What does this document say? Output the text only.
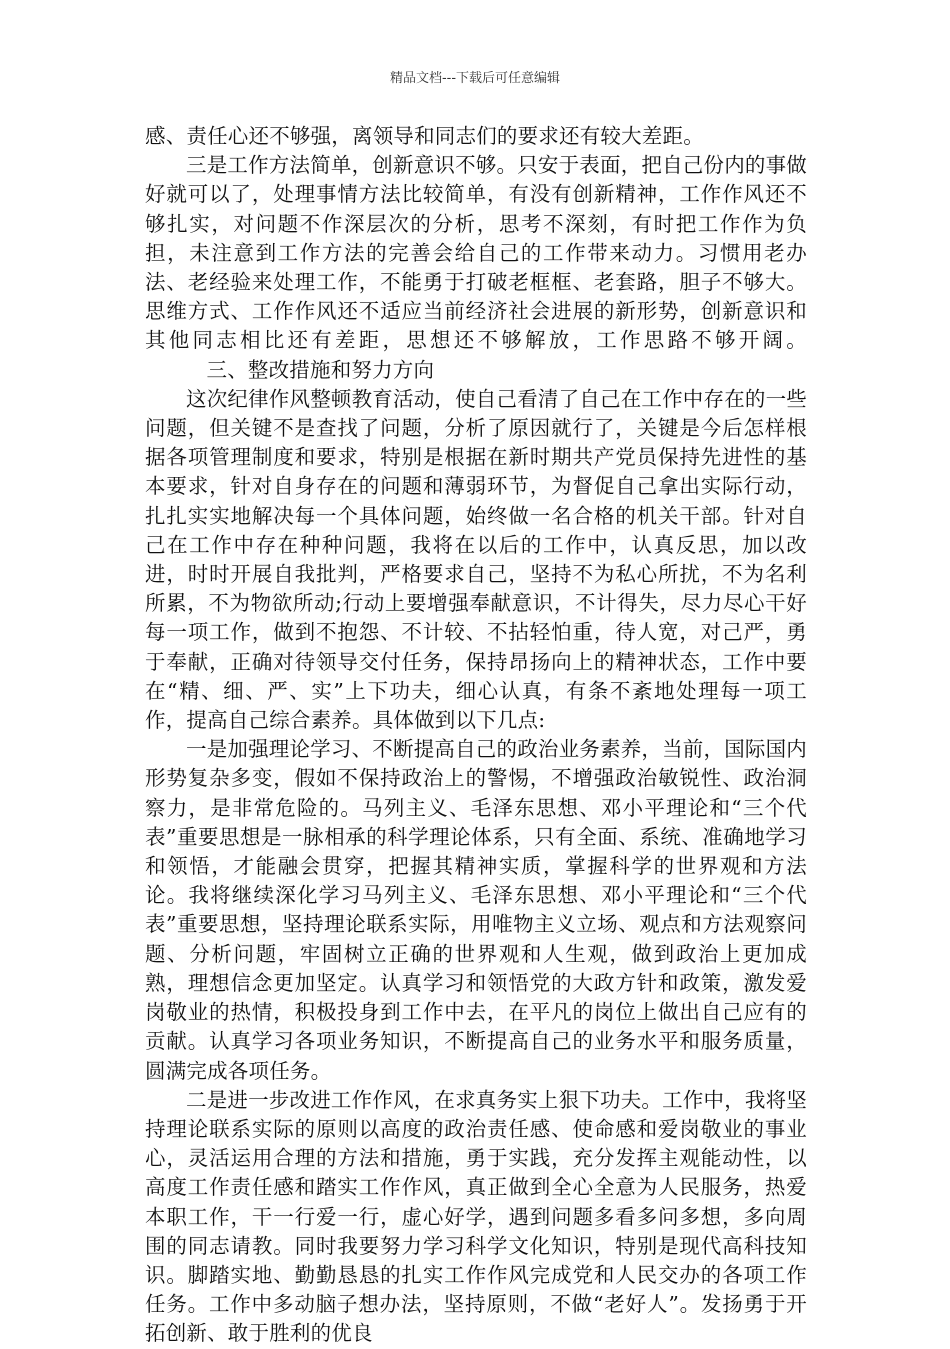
精品文档---下载后可任意编辑

感、责任心还不够强，离领导和同志们的要求还有较大差距。

三是工作方法简单，创新意识不够。只安于表面，把自己份内的事做好就可以了，处理事情方法比较简单，有没有创新精神，工作作风还不够扎实，对问题不作深层次的分析，思考不深刻，有时把工作作为负担，未注意到工作方法的完善会给自己的工作带来动力。习惯用老办法、老经验来处理工作，不能勇于打破老框框、老套路，胆子不够大。思维方式、工作作风还不适应当前经济社会进展的新形势，创新意识和其他同志相比还有差距，思想还不够解放，工作思路不够开阔。三、整改措施和努力方向

这次纪律作风整顿教育活动，使自己看清了自己在工作中存在的一些问题，但关键不是查找了问题，分析了原因就行了，关键是今后怎样根据各项管理制度和要求，特别是根据在新时期共产党员保持先进性的基本要求，针对自身存在的问题和薄弱环节，为督促自己拿出实际行动，扎扎实实地解决每一个具体问题，始终做一名合格的机关干部。针对自己在工作中存在种种问题，我将在以后的工作中，认真反思，加以改进，时时开展自我批判，严格要求自己，坚持不为私心所扰，不为名利所累，不为物欲所动;行动上要增强奉献意识，不计得失，尽力尽心干好每一项工作，做到不抱怨、不计较、不拈轻怕重，待人宽，对己严，勇于奉献，正确对待领导交付任务，保持昂扬向上的精神状态，工作中要在“精、细、严、实”上下功夫，细心认真，有条不紊地处理每一项工作，提高自己综合素养。具体做到以下几点:

一是加强理论学习、不断提高自己的政治业务素养，当前，国际国内形势复杂多变，假如不保持政治上的警惕，不增强政治敏锐性、政治洞察力，是非常危险的。马列主义、毛泽东思想、邓小平理论和“三个代表”重要思想是一脉相承的科学理论体系，只有全面、系统、准确地学习和领悟，才能融会贯穿，把握其精神实质，掌握科学的世界观和方法论。我将继续深化学习马列主义、毛泽东思想、邓小平理论和“三个代表”重要思想，坚持理论联系实际，用唯物主义立场、观点和方法观察问题、分析问题，牢固树立正确的世界观和人生观，做到政治上更加成熟，理想信念更加坚定。认真学习和领悟党的大政方针和政策，激发爱岗敬业的热情，积极投身到工作中去，在平凡的岗位上做出自己应有的贡献。认真学习各项业务知识，不断提高自己的业务水平和服务质量，圆满完成各项任务。

二是进一步改进工作作风，在求真务实上狠下功夫。工作中，我将坚持理论联系实际的原则以高度的政治责任感、使命感和爱岗敬业的事业心，灵活运用合理的方法和措施，勇于实践，充分发挥主观能动性，以高度工作责任感和踏实工作作风，真正做到全心全意为人民服务，热爱本职工作，干一行爱一行，虚心好学，遇到问题多看多问多想，多向周围的同志请教。同时我要努力学习科学文化知识，特别是现代高科技知识。脚踏实地、勤勤恳恳的扎实工作作风完成党和人民交办的各项工作任务。工作中多动脑子想办法，坚持原则，不做“老好人”。发扬勇于开拓创新、敢于胜利的优良
